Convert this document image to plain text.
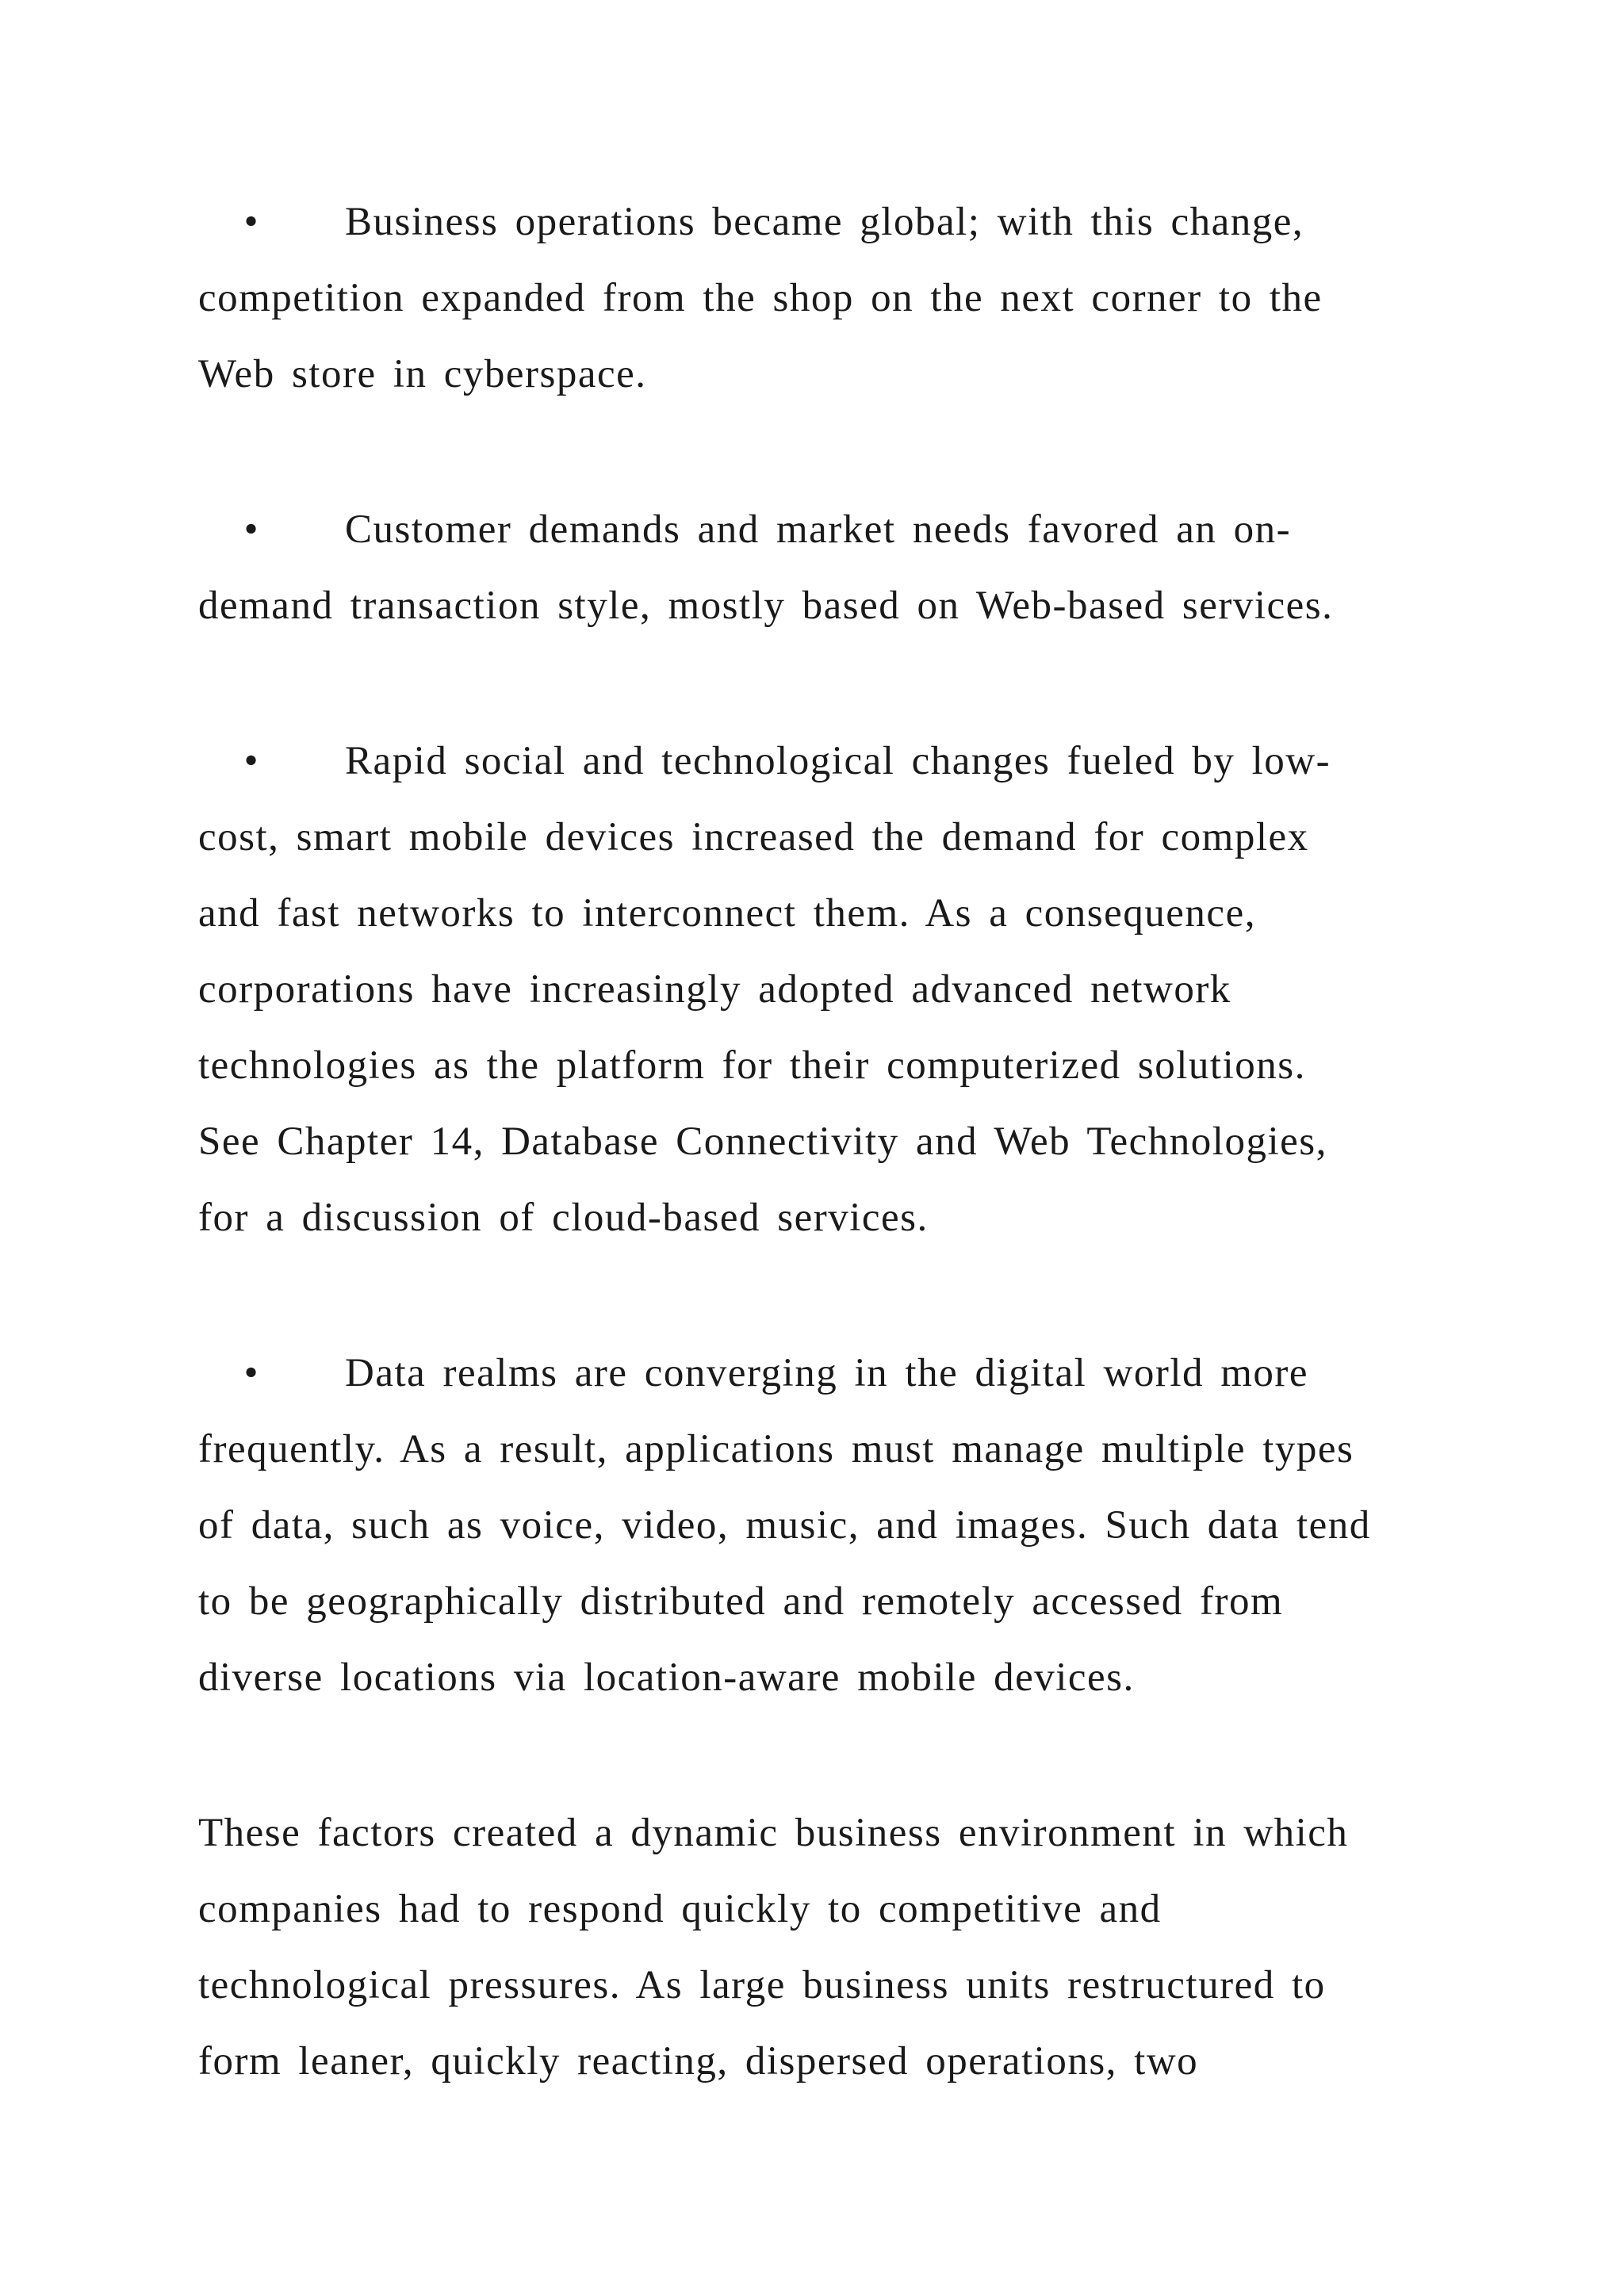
• Business operations became global; with this change,

competition expanded from the shop on the next corner to the

Web store in cyberspace.

• Customer demands and market needs favored an on-

demand transaction style, mostly based on Web-based services.

• Rapid social and technological changes fueled by low-

cost, smart mobile devices increased the demand for complex

and fast networks to interconnect them. As a consequence,

corporations have increasingly adopted advanced network

technologies as the platform for their computerized solutions.

See Chapter 14, Database Connectivity and Web Technologies,

for a discussion of cloud-based services.

• Data realms are converging in the digital world more

frequently. As a result, applications must manage multiple types

of data, such as voice, video, music, and images. Such data tend

to be geographically distributed and remotely accessed from

diverse locations via location-aware mobile devices.

These factors created a dynamic business environment in which

companies had to respond quickly to competitive and

technological pressures. As large business units restructured to

form leaner, quickly reacting, dispersed operations, two
